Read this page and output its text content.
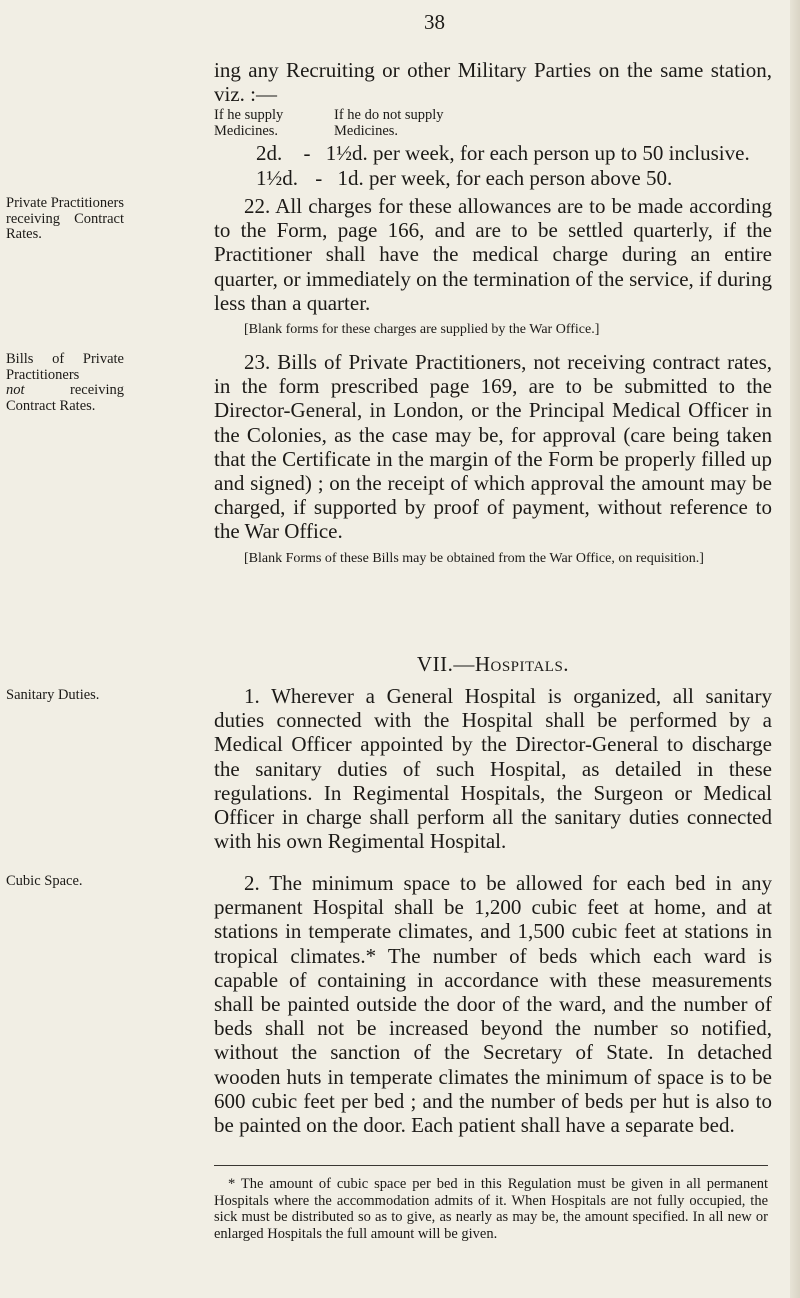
38

ing any Recruiting or other Military Parties on the same station, viz. :—

If he supply Medicines.
If he do not supply Medicines.
2d. - 1½d. per week, for each person up to 50 inclusive.
1½d. - 1d. per week, for each person above 50.

Private Practitioners receiving Contract Rates.

22. All charges for these allowances are to be made according to the Form, page 166, and are to be settled quarterly, if the Practitioner shall have the medical charge during an entire quarter, or immediately on the termination of the service, if during less than a quarter.

[Blank forms for these charges are supplied by the War Office.]

Bills of Private Practitioners
not receiving Contract Rates.

23. Bills of Private Practitioners, not receiving contract rates, in the form prescribed page 169, are to be submitted to the Director-General, in London, or the Principal Medical Officer in the Colonies, as the case may be, for approval (care being taken that the Certificate in the margin of the Form be properly filled up and signed) ; on the receipt of which approval the amount may be charged, if supported by proof of payment, without reference to the War Office.

[Blank Forms of these Bills may be obtained from the War Office, on requisition.]

VII.—Hospitals.

Sanitary Duties.	1. Wherever a General Hospital is organized, all sanitary duties connected with the Hospital shall be performed by a Medical Officer appointed by the Director-General to discharge the sanitary duties of such Hospital, as detailed in these regulations. In Regimental Hospitals, the Surgeon or Medical Officer in charge shall perform all the sanitary duties connected with his own Regimental Hospital.

Cubic Space.	2. The minimum space to be allowed for each bed in any permanent Hospital shall be 1,200 cubic feet at home, and at stations in temperate climates, and 1,500 cubic feet at stations in tropical climates.* The number of beds which each ward is capable of containing in accordance with these measurements shall be painted outside the door of the ward, and the number of beds shall not be increased beyond the number so notified, without the sanction of the Secretary of State. In detached wooden huts in temperate climates the minimum of space is to be 600 cubic feet per bed ; and the number of beds per hut is also to be painted on the door. Each patient shall have a separate bed.

* The amount of cubic space per bed in this Regulation must be given in all permanent Hospitals where the accommodation admits of it. When Hospitals are not fully occupied, the sick must be distributed so as to give, as nearly as may be, the amount specified. In all new or enlarged Hospitals the full amount will be given.
